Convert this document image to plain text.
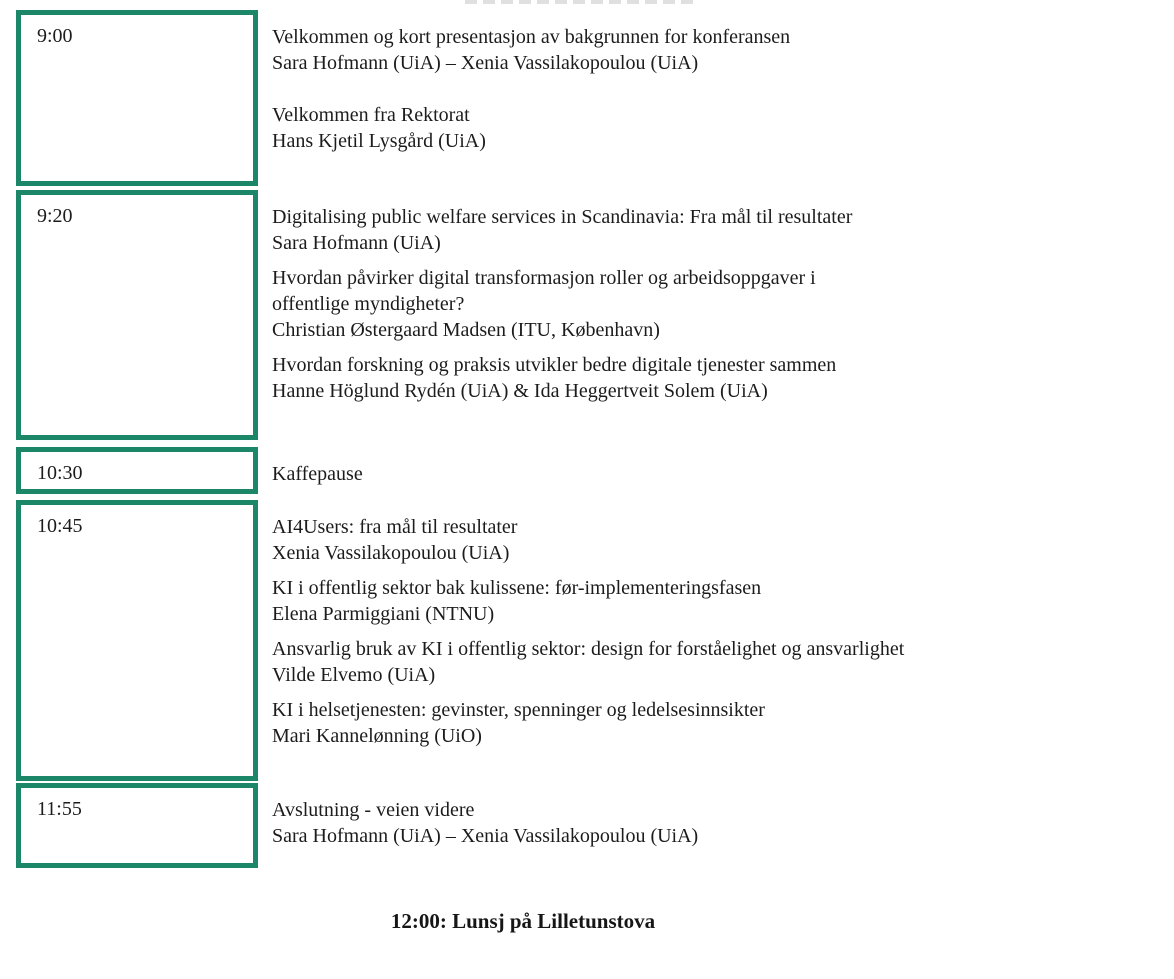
9:00	Velkommen og kort presentasjon av bakgrunnen for konferansen
Sara Hofmann (UiA) – Xenia Vassilakopoulou (UiA)
Velkommen fra Rektorat
Hans Kjetil Lysgård (UiA)
9:20	Digitalising public welfare services in Scandinavia: Fra mål til resultater
Sara Hofmann (UiA)
Hvordan påvirker digital transformasjon roller og arbeidsoppgaver i
offentlige myndigheter?
Christian Østergaard Madsen (ITU, København)
Hvordan forskning og praksis utvikler bedre digitale tjenester sammen
Hanne Höglund Rydén (UiA) & Ida Heggertveit Solem (UiA)
10:30	Kaffepause
10:45	AI4Users: fra mål til resultater
Xenia Vassilakopoulou (UiA)
KI i offentlig sektor bak kulissene: før-implementeringsfasen
Elena Parmiggiani (NTNU)
Ansvarlig bruk av KI i offentlig sektor: design for forståelighet og ansvarlighet
Vilde Elvemo (UiA)
KI i helsetjenesten: gevinster, spenninger og ledelsesinnsikter
Mari Kannelønning (UiO)
11:55	Avslutning - veien videre
Sara Hofmann (UiA) – Xenia Vassilakopoulou (UiA)
12:00: Lunsj på Lilletunstova
